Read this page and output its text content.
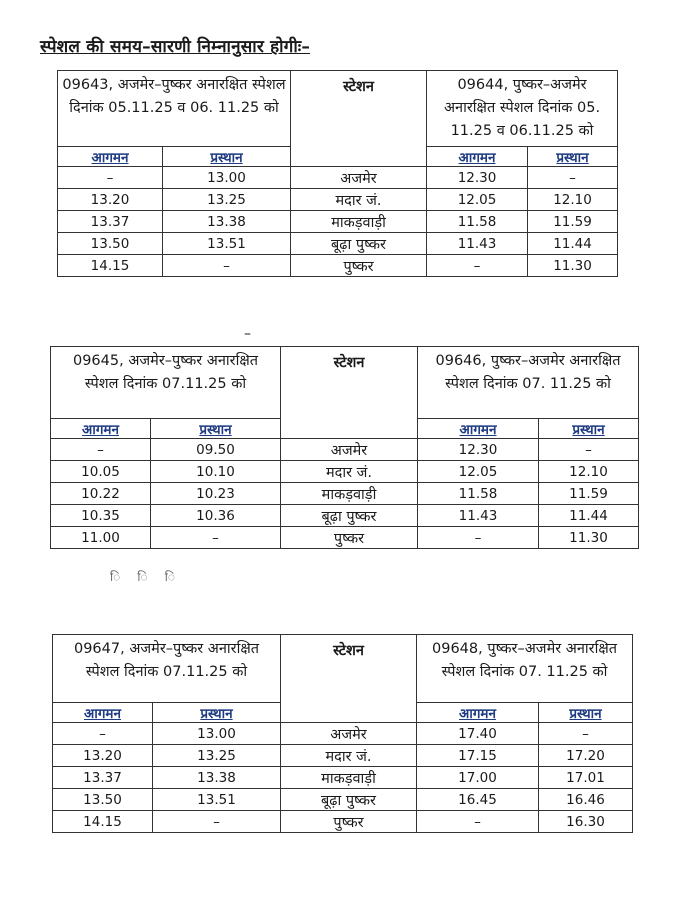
स्पेशल की समय–सारणी निम्नानुसार होगीः–
09643, अजमेर–पुष्कर अनारक्षित स्पेशल दिनांक 05.11.25 व 06. 11.25 को		स्टेशन	09644, पुष्कर–अजमेर अनारक्षित स्पेशल दिनांक 05. 11.25 व 06.11.25 को	
आगमन	प्रस्थान		आगमन	प्रस्थान
–	13.00	अजमेर	12.30	–
13.20	13.25	मदार जं.	12.05	12.10
13.37	13.38	माकड़वाड़ी	11.58	11.59
13.50	13.51	बूढ़ा पुष्कर	11.43	11.44
14.15	–	पुष्कर	–	11.30
–
09645, अजमेर–पुष्कर अनारक्षित स्पेशल दिनांक 07.11.25 को		स्टेशन	09646, पुष्कर–अजमेर अनारक्षित स्पेशल दिनांक 07. 11.25 को	
आगमन	प्रस्थान		आगमन	प्रस्थान
–	09.50	अजमेर	12.30	–
10.05	10.10	मदार जं.	12.05	12.10
10.22	10.23	माकड़वाड़ी	11.58	11.59
10.35	10.36	बूढ़ा पुष्कर	11.43	11.44
11.00	–	पुष्कर	–	11.30
ि ि ि
09647, अजमेर–पुष्कर अनारक्षित स्पेशल दिनांक 07.11.25 को		स्टेशन	09648, पुष्कर–अजमेर अनारक्षित स्पेशल दिनांक 07. 11.25 को	
आगमन	प्रस्थान		आगमन	प्रस्थान
–	13.00	अजमेर	17.40	–
13.20	13.25	मदार जं.	17.15	17.20
13.37	13.38	माकड़वाड़ी	17.00	17.01
13.50	13.51	बूढ़ा पुष्कर	16.45	16.46
14.15	–	पुष्कर	–	16.30
